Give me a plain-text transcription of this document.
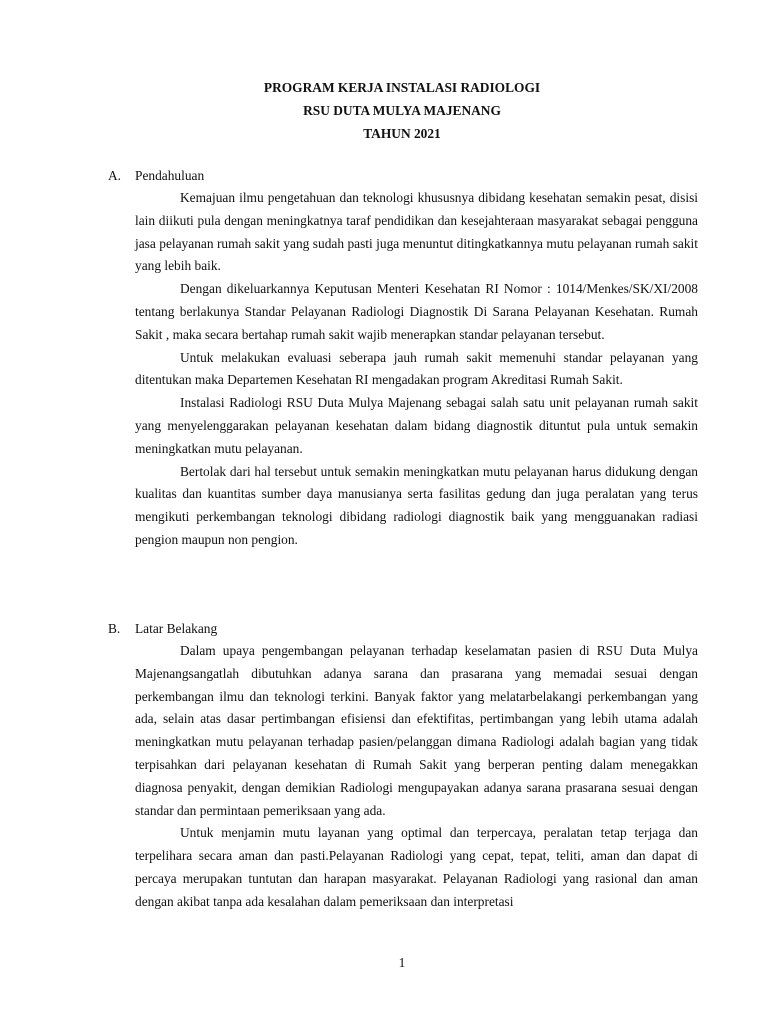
PROGRAM KERJA INSTALASI RADIOLOGI
RSU DUTA MULYA MAJENANG
TAHUN 2021
A.	Pendahuluan

Kemajuan ilmu pengetahuan dan teknologi khususnya dibidang kesehatan semakin pesat, disisi lain diikuti pula dengan meningkatnya taraf pendidikan dan kesejahteraan masyarakat sebagai pengguna jasa pelayanan rumah sakit yang sudah pasti juga menuntut ditingkatkannya mutu pelayanan rumah sakit yang lebih baik.

Dengan dikeluarkannya Keputusan Menteri Kesehatan RI Nomor : 1014/Menkes/SK/XI/2008 tentang berlakunya Standar Pelayanan Radiologi Diagnostik Di Sarana Pelayanan Kesehatan. Rumah Sakit , maka secara bertahap rumah sakit wajib menerapkan standar pelayanan tersebut.

Untuk melakukan evaluasi seberapa jauh rumah sakit memenuhi standar pelayanan yang ditentukan maka Departemen Kesehatan RI mengadakan program Akreditasi Rumah Sakit.

Instalasi Radiologi RSU Duta Mulya Majenang sebagai salah satu unit pelayanan rumah sakit yang menyelenggarakan pelayanan kesehatan dalam bidang diagnostik dituntut pula untuk semakin meningkatkan mutu pelayanan.

Bertolak dari hal tersebut untuk semakin meningkatkan mutu pelayanan harus didukung dengan kualitas dan kuantitas sumber daya manusianya serta fasilitas gedung dan juga peralatan yang terus mengikuti perkembangan teknologi dibidang radiologi diagnostik baik yang mengguanakan radiasi pengion maupun non pengion.

B.	Latar Belakang

Dalam upaya pengembangan pelayanan terhadap keselamatan pasien di RSU Duta Mulya Majenangsangatlah dibutuhkan adanya sarana dan prasarana yang memadai sesuai dengan perkembangan ilmu dan teknologi terkini. Banyak faktor yang melatarbelakangi perkembangan yang ada, selain atas dasar pertimbangan efisiensi dan efektifitas, pertimbangan yang lebih utama adalah meningkatkan mutu pelayanan terhadap pasien/pelanggan dimana Radiologi adalah bagian yang tidak terpisahkan dari pelayanan kesehatan di Rumah Sakit yang berperan penting dalam menegakkan diagnosa penyakit, dengan demikian Radiologi mengupayakan adanya sarana prasarana sesuai dengan standar dan permintaan pemeriksaan yang ada.

Untuk menjamin mutu layanan yang optimal dan terpercaya, peralatan tetap terjaga dan terpelihara secara aman dan pasti.Pelayanan Radiologi yang cepat, tepat, teliti, aman dan dapat di percaya merupakan tuntutan dan harapan masyarakat. Pelayanan Radiologi yang rasional dan aman dengan akibat tanpa ada kesalahan dalam pemeriksaan dan interpretasi

1
